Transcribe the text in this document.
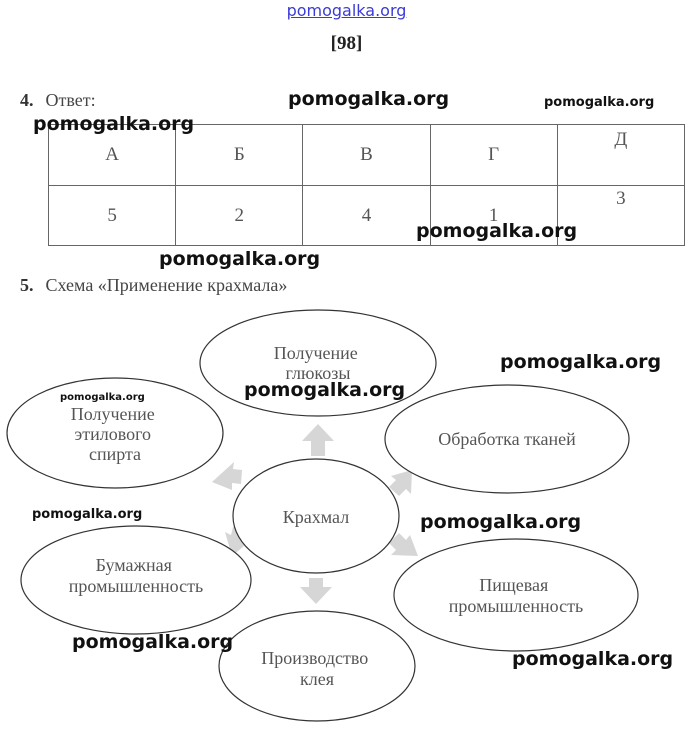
pomogalka.org
[98]
4. Ответ:
А	Б	В	Г	Д
5	2	4	1	3
5. Схема «Применение крахмала»
Получение глюкозы
Получение этилового спирта
Обработка тканей
Крахмал
Бумажная промышленность	Пищевая промышленность
Производство клея
pomogalka.org	pomogalka.org
pomogalka.org
pomogalka.org
pomogalka.org
pomogalka.org
pomogalka.org	pomogalka.org
pomogalka.org	pomogalka.org
pomogalka.org
pomogalka.org
